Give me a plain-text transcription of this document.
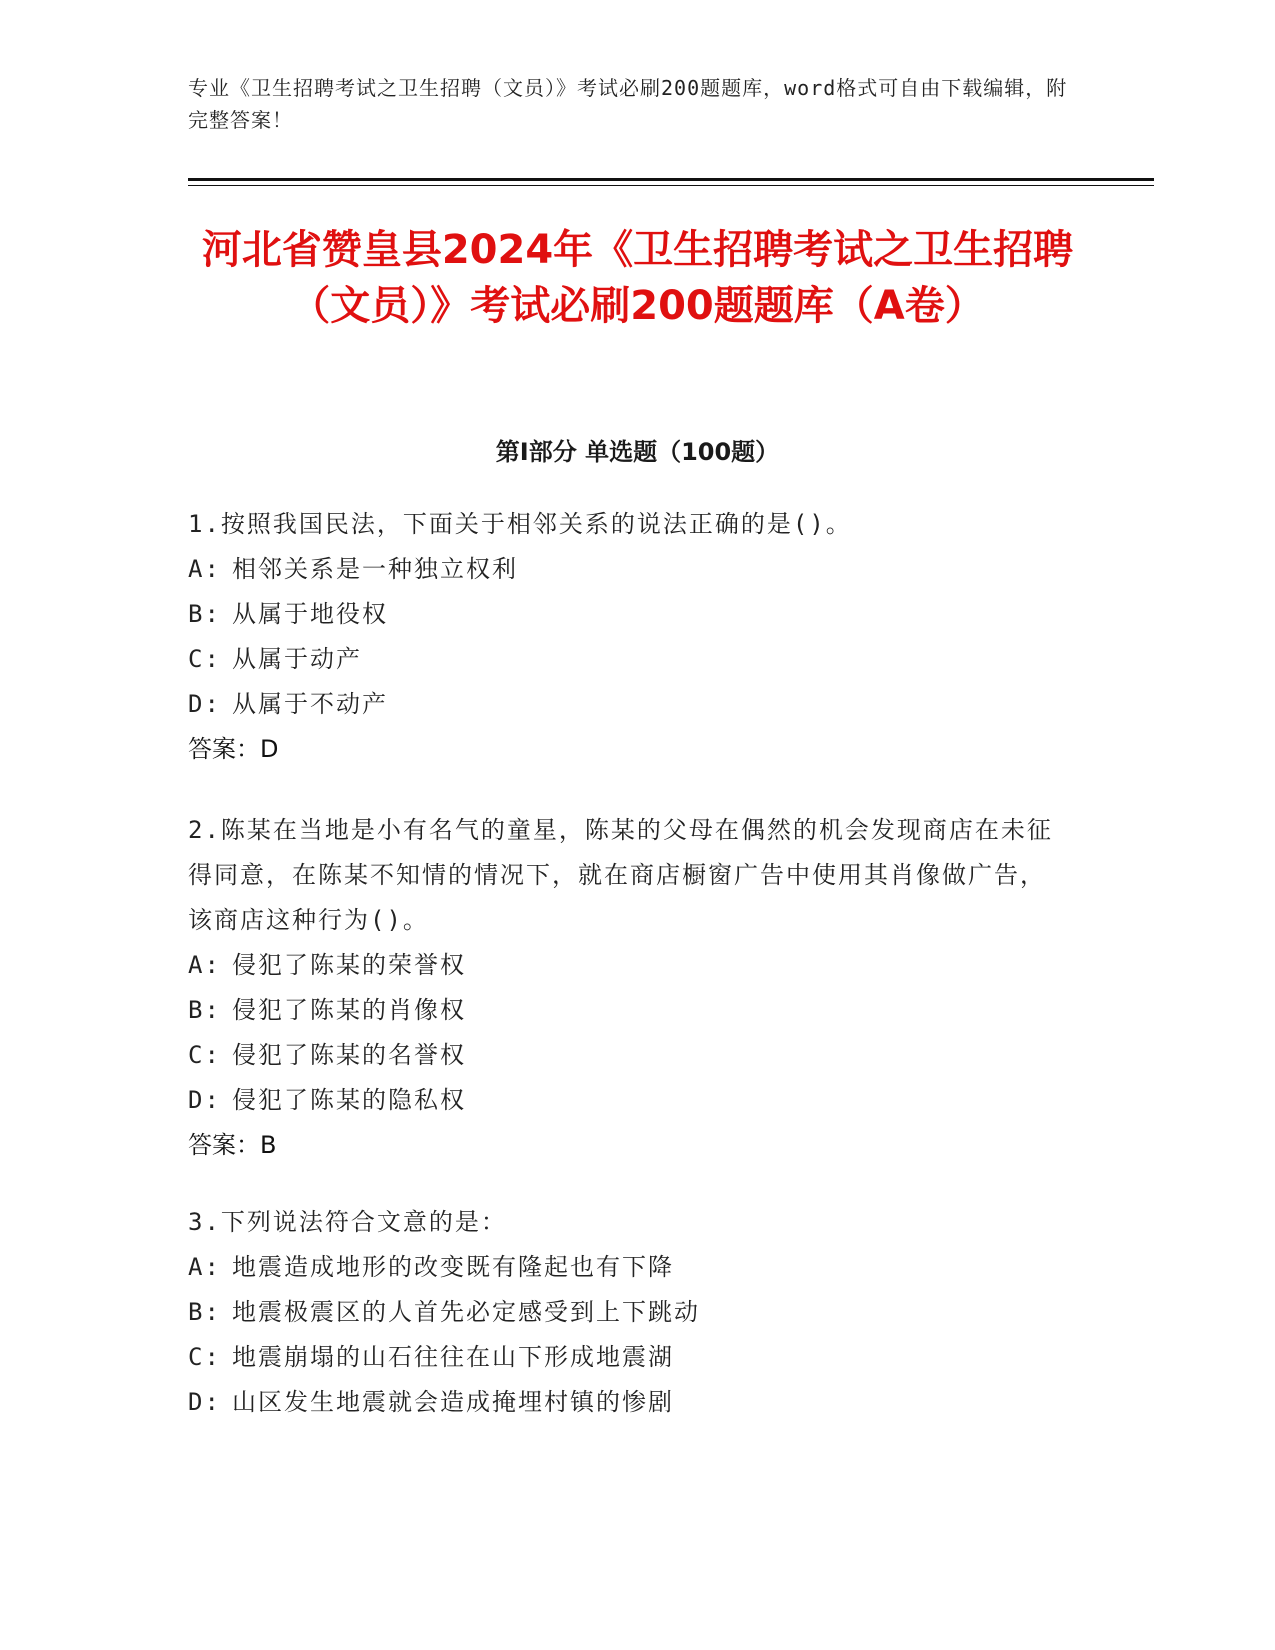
专业《卫生招聘考试之卫生招聘（文员）》考试必刷200题题库，word格式可自由下载编辑，附完整答案！
河北省赞皇县2024年《卫生招聘考试之卫生招聘（文员）》考试必刷200题题库（A卷）
第Ⅰ部分 单选题（100题）
1.按照我国民法，下面关于相邻关系的说法正确的是()。
A: 相邻关系是一种独立权利
B: 从属于地役权
C: 从属于动产
D: 从属于不动产
答案：D
2.陈某在当地是小有名气的童星，陈某的父母在偶然的机会发现商店在未征得同意，在陈某不知情的情况下，就在商店橱窗广告中使用其肖像做广告，该商店这种行为()。
A: 侵犯了陈某的荣誉权
B: 侵犯了陈某的肖像权
C: 侵犯了陈某的名誉权
D: 侵犯了陈某的隐私权
答案：B
3.下列说法符合文意的是：
A: 地震造成地形的改变既有隆起也有下降
B: 地震极震区的人首先必定感受到上下跳动
C: 地震崩塌的山石往往在山下形成地震湖
D: 山区发生地震就会造成掩埋村镇的惨剧
